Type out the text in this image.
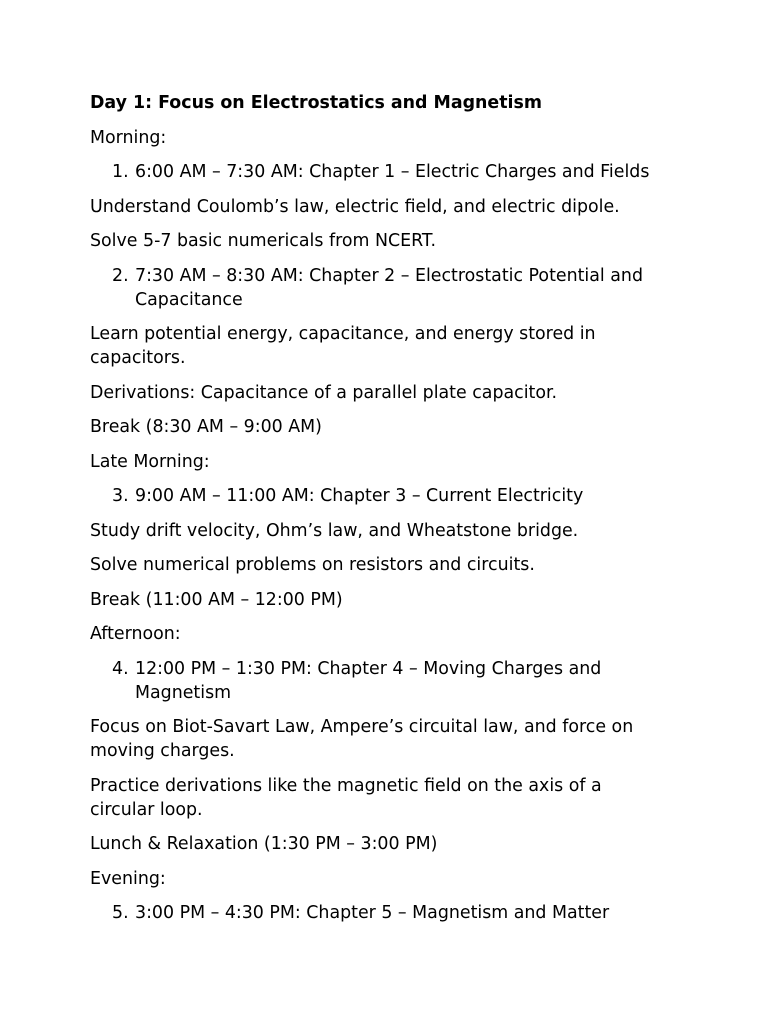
Day 1: Focus on Electrostatics and Magnetism
Morning:
1. 6:00 AM – 7:30 AM: Chapter 1 – Electric Charges and Fields
Understand Coulomb’s law, electric field, and electric dipole.
Solve 5-7 basic numericals from NCERT.
2. 7:30 AM – 8:30 AM: Chapter 2 – Electrostatic Potential and Capacitance
Learn potential energy, capacitance, and energy stored in capacitors.
Derivations: Capacitance of a parallel plate capacitor.
Break (8:30 AM – 9:00 AM)
Late Morning:
3. 9:00 AM – 11:00 AM: Chapter 3 – Current Electricity
Study drift velocity, Ohm’s law, and Wheatstone bridge.
Solve numerical problems on resistors and circuits.
Break (11:00 AM – 12:00 PM)
Afternoon:
4. 12:00 PM – 1:30 PM: Chapter 4 – Moving Charges and Magnetism
Focus on Biot-Savart Law, Ampere’s circuital law, and force on moving charges.
Practice derivations like the magnetic field on the axis of a circular loop.
Lunch & Relaxation (1:30 PM – 3:00 PM)
Evening:
5. 3:00 PM – 4:30 PM: Chapter 5 – Magnetism and Matter
